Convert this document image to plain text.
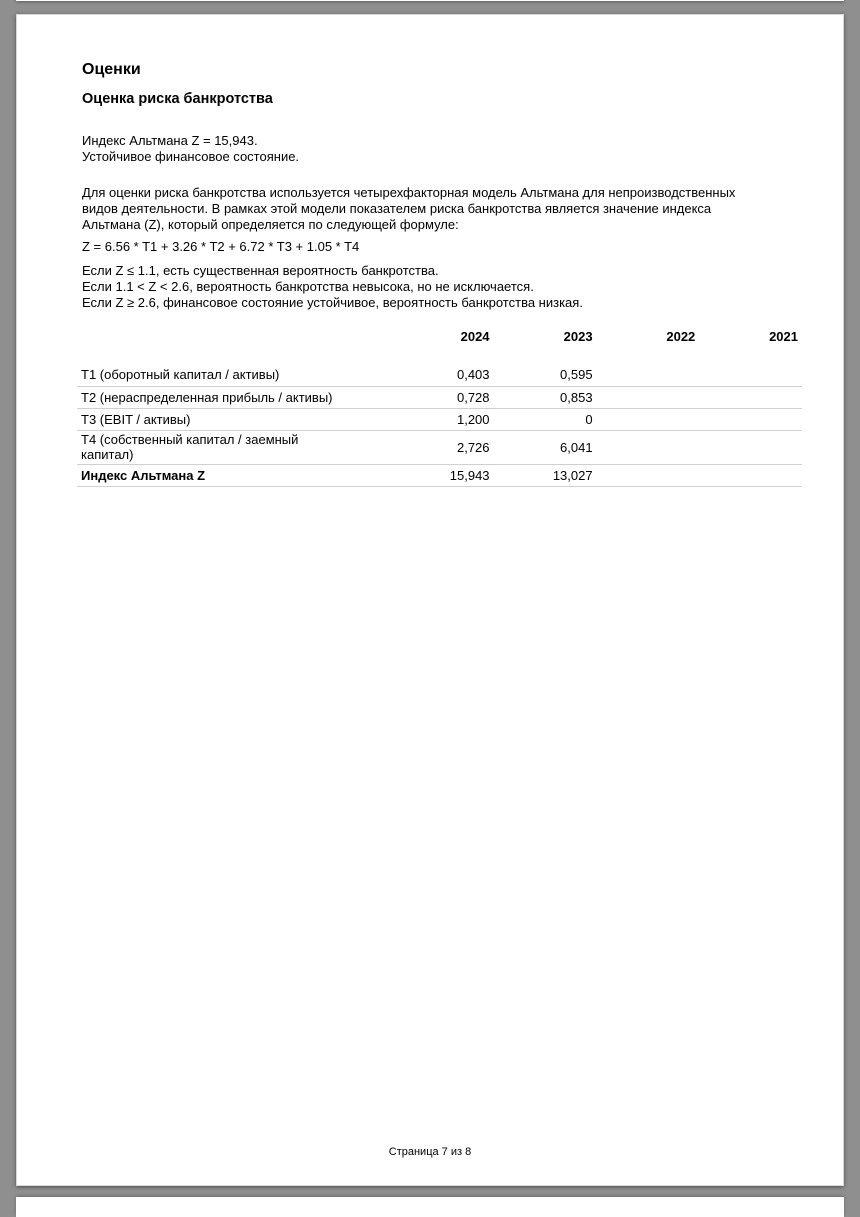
Оценки
Оценка риска банкротства
Индекс Альтмана Z = 15,943.
Устойчивое финансовое состояние.
Для оценки риска банкротства используется четырехфакторная модель Альтмана для непроизводственных
видов деятельности. В рамках этой модели показателем риска банкротства является значение индекса
Альтмана (Z), который определяется по следующей формуле:
Z = 6.56 * T1 + 3.26 * T2 + 6.72 * T3 + 1.05 * T4
Если Z ≤ 1.1, есть существенная вероятность банкротства.
Если 1.1 < Z < 2.6, вероятность банкротства невысока, но не исключается.
Если Z ≥ 2.6, финансовое состояние устойчивое, вероятность банкротства низкая.
	2024	2023	2022	2021

T1 (оборотный капитал / активы)	0,403	0,595		
T2 (нераспределенная прибыль / активы)	0,728	0,853		
T3 (EBIT / активы)	1,200	0		

T4 (собственный капитал / заемный
капитал)	2,726	6,041		
Индекс Альтмана Z	15,943	13,027		
Страница 7 из 8
